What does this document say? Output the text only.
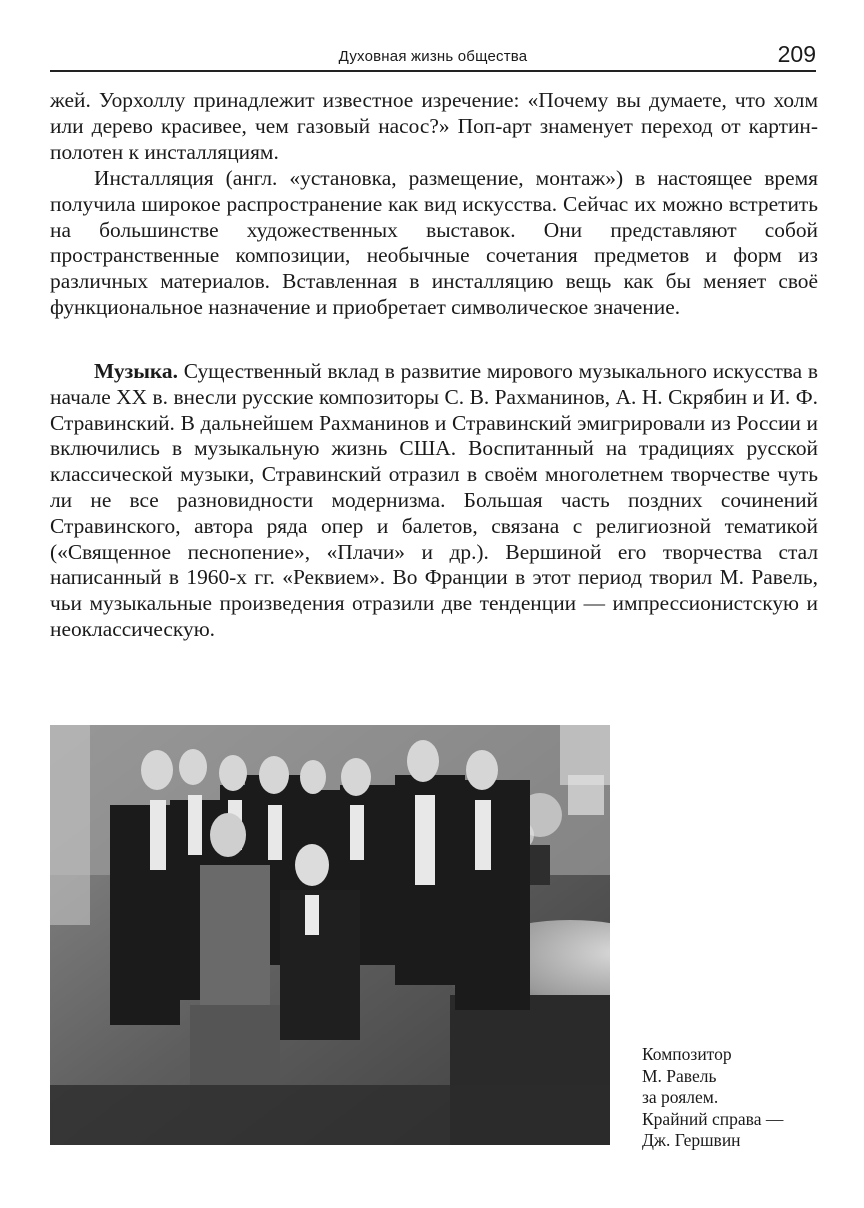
Духовная жизнь общества	209

жей. Уорхоллу принадлежит известное изречение: «Почему вы думаете, что холм или дерево красивее, чем газовый насос?» Поп-арт знаменует переход от картин-полотен к инсталляциям.

Инсталляция (англ. «установка, размещение, монтаж») в настоящее время получила широкое распространение как вид искусства. Сейчас их можно встретить на большинстве художественных выставок. Они представляют собой пространственные композиции, необычные сочетания предметов и форм из различных материалов. Вставленная в инсталляцию вещь как бы меняет своё функциональное назначение и приобретает символическое значение.

Музыка. Существенный вклад в развитие мирового музыкального искусства в начале XX в. внесли русские композиторы С. В. Рахманинов, А. Н. Скрябин и И. Ф. Стравинский. В дальнейшем Рахманинов и Стравинский эмигрировали из России и включились в музыкальную жизнь США. Воспитанный на традициях русской классической музыки, Стравинский отразил в своём многолетнем творчестве чуть ли не все разновидности модернизма. Большая часть поздних сочинений Стравинского, автора ряда опер и балетов, связана с религиозной тематикой («Священное песнопение», «Плачи» и др.). Вершиной его творчества стал написанный в 1960-х гг. «Реквием». Во Франции в этот период творил М. Равель, чьи музыкальные произведения отразили две тенденции — импрессионистскую и неоклассическую.

Композитор
М. Равель
за роялем.
Крайний справа —
Дж. Гершвин
